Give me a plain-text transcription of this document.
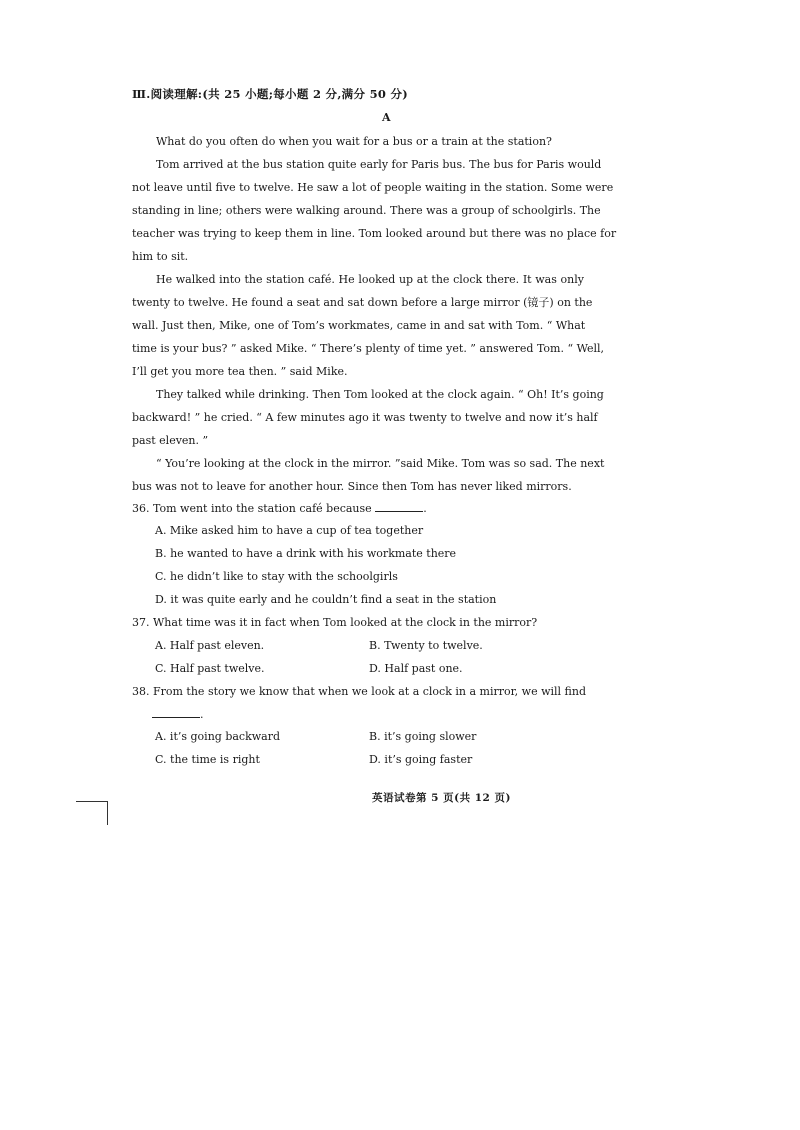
Ⅲ.阅读理解:(共 25 小题;每小题 2 分,满分 50 分)
A
What do you often do when you wait for a bus or a train at the station?
Tom arrived at the bus station quite early for Paris bus. The bus for Paris would
not leave until five to twelve. He saw a lot of people waiting in the station. Some were
standing in line; others were walking around. There was a group of schoolgirls. The
teacher was trying to keep them in line. Tom looked around but there was no place for
him to sit.
He walked into the station café. He looked up at the clock there. It was only
twenty to twelve. He found a seat and sat down before a large mirror (镜子) on the
wall. Just then, Mike, one of Tom’s workmates, came in and sat with Tom. “ What
time is your bus? ” asked Mike. “ There’s plenty of time yet. ” answered Tom. “ Well,
I’ll get you more tea then. ” said Mike.
They talked while drinking. Then Tom looked at the clock again. “ Oh! It’s going
backward! ” he cried. “ A few minutes ago it was twenty to twelve and now it’s half
past eleven. ”
“ You’re looking at the clock in the mirror. ”said Mike. Tom was so sad. The next
bus was not to leave for another hour. Since then Tom has never liked mirrors.
36. Tom went into the station café because	.
A. Mike asked him to have a cup of tea together
B. he wanted to have a drink with his workmate there
C. he didn’t like to stay with the schoolgirls
D. it was quite early and he couldn’t find a seat in the station
37. What time was it in fact when Tom looked at the clock in the mirror?
A. Half past eleven.	B. Twenty to twelve.
C. Half past twelve.	D. Half past one.
38. From the story we know that when we look at a clock in a mirror, we will find
.
A. it’s going backward	B. it’s going slower
C. the time is right	D. it’s going faster
英语试卷第 5 页(共 12 页)
